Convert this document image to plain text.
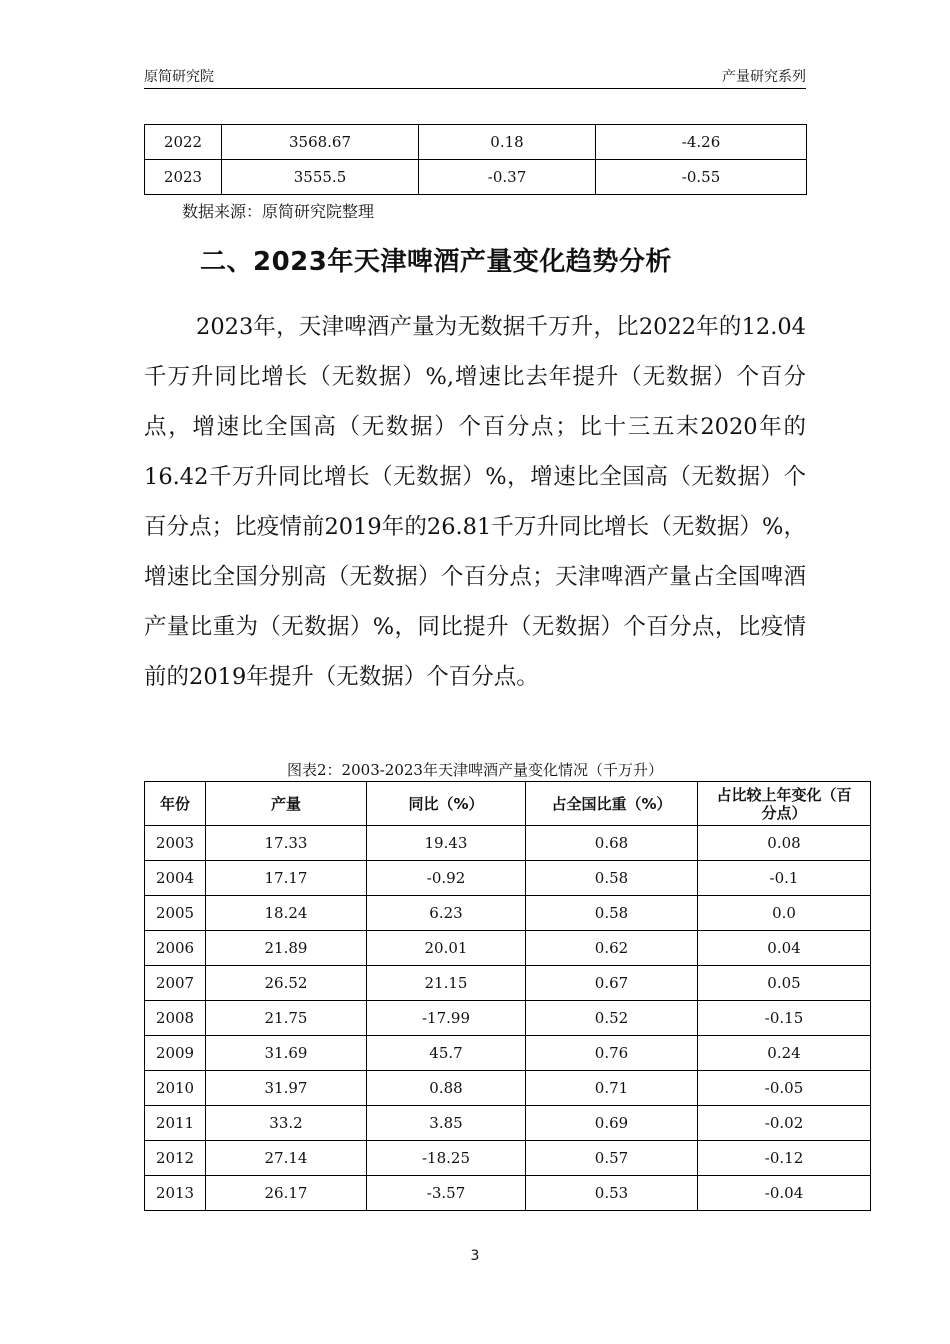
原简研究院	产量研究系列
2022	3568.67	0.18	-4.26
2023	3555.5	-0.37	-0.55
数据来源：原简研究院整理
二、2023年天津啤酒产量变化趋势分析
2023年，天津啤酒产量为无数据千万升，比2022年的12.04千万升同比增长（无数据）%,增速比去年提升（无数据）个百分点，增速比全国高（无数据）个百分点；比十三五末2020年的16.42千万升同比增长（无数据）%，增速比全国高（无数据）个百分点；比疫情前2019年的26.81千万升同比增长（无数据）%，增速比全国分别高（无数据）个百分点；天津啤酒产量占全国啤酒产量比重为（无数据）%，同比提升（无数据）个百分点，比疫情前的2019年提升（无数据）个百分点。
图表2：2003-2023年天津啤酒产量变化情况（千万升）
年份	产量	同比（%）	占全国比重（%）	占比较上年变化（百分点）
2003	17.33	19.43	0.68	0.08
2004	17.17	-0.92	0.58	-0.1
2005	18.24	6.23	0.58	0.0
2006	21.89	20.01	0.62	0.04
2007	26.52	21.15	0.67	0.05
2008	21.75	-17.99	0.52	-0.15
2009	31.69	45.7	0.76	0.24
2010	31.97	0.88	0.71	-0.05
2011	33.2	3.85	0.69	-0.02
2012	27.14	-18.25	0.57	-0.12
2013	26.17	-3.57	0.53	-0.04
3
